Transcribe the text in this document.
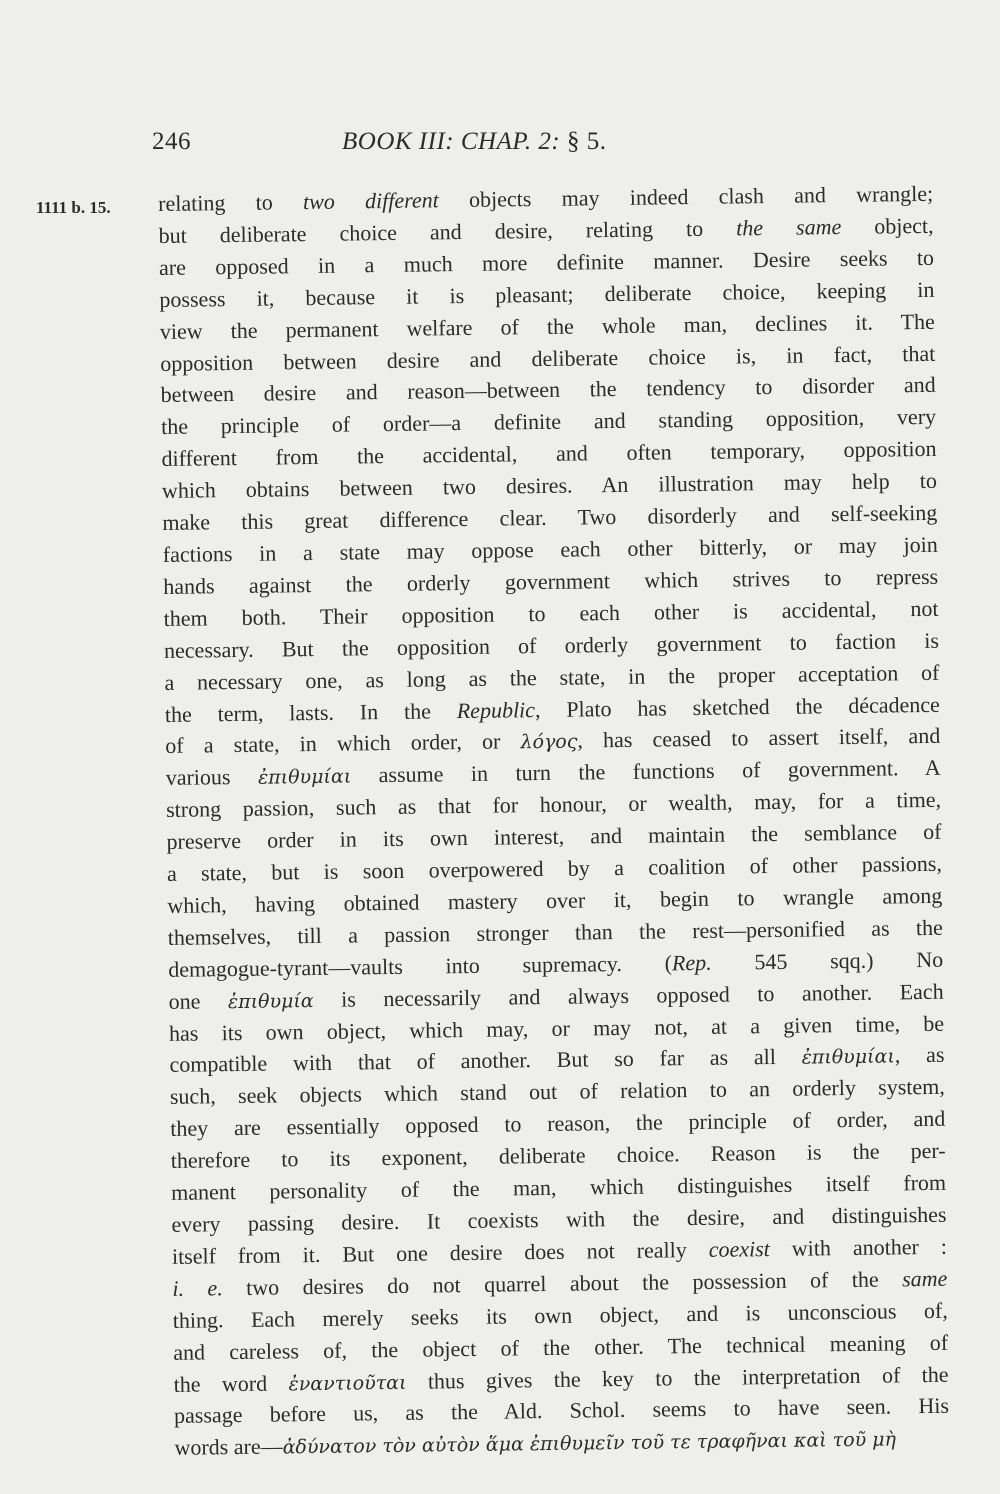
246	BOOK III: CHAP. 2: § 5.
1111 b. 15. relating to two different objects may indeed clash and wrangle;
but deliberate choice and desire, relating to the same object,
are opposed in a much more definite manner. Desire seeks to
possess it, because it is pleasant; deliberate choice, keeping in
view the permanent welfare of the whole man, declines it. The
opposition between desire and deliberate choice is, in fact, that
between desire and reason—between the tendency to disorder and
the principle of order—a definite and standing opposition, very
different from the accidental, and often temporary, opposition
which obtains between two desires. An illustration may help to
make this great difference clear. Two disorderly and self-seeking
factions in a state may oppose each other bitterly, or may join
hands against the orderly government which strives to repress
them both. Their opposition to each other is accidental, not
necessary. But the opposition of orderly government to faction is
a necessary one, as long as the state, in the proper acceptation of
the term, lasts. In the Republic, Plato has sketched the décadence
of a state, in which order, or λόγος, has ceased to assert itself, and
various ἐπιθυμίαι assume in turn the functions of government. A
strong passion, such as that for honour, or wealth, may, for a time,
preserve order in its own interest, and maintain the semblance of
a state, but is soon overpowered by a coalition of other passions,
which, having obtained mastery over it, begin to wrangle among
themselves, till a passion stronger than the rest—personified as the
demagogue-tyrant—vaults into supremacy. (Rep. 545 sqq.) No
one ἐπιθυμία is necessarily and always opposed to another. Each
has its own object, which may, or may not, at a given time, be
compatible with that of another. But so far as all ἐπιθυμίαι, as
such, seek objects which stand out of relation to an orderly system,
they are essentially opposed to reason, the principle of order, and
therefore to its exponent, deliberate choice. Reason is the per-
manent personality of the man, which distinguishes itself from
every passing desire. It coexists with the desire, and distinguishes
itself from it. But one desire does not really coexist with another :
i. e. two desires do not quarrel about the possession of the same
thing. Each merely seeks its own object, and is unconscious of,
and careless of, the object of the other. The technical meaning of
the word ἐναντιοῦται thus gives the key to the interpretation of the
passage before us, as the Ald. Schol. seems to have seen. His
words are—ἀδύνατον τὸν αὐτὸν ἅμα ἐπιθυμεῖν τοῦ τε τραφῆναι καὶ τοῦ μὴ
